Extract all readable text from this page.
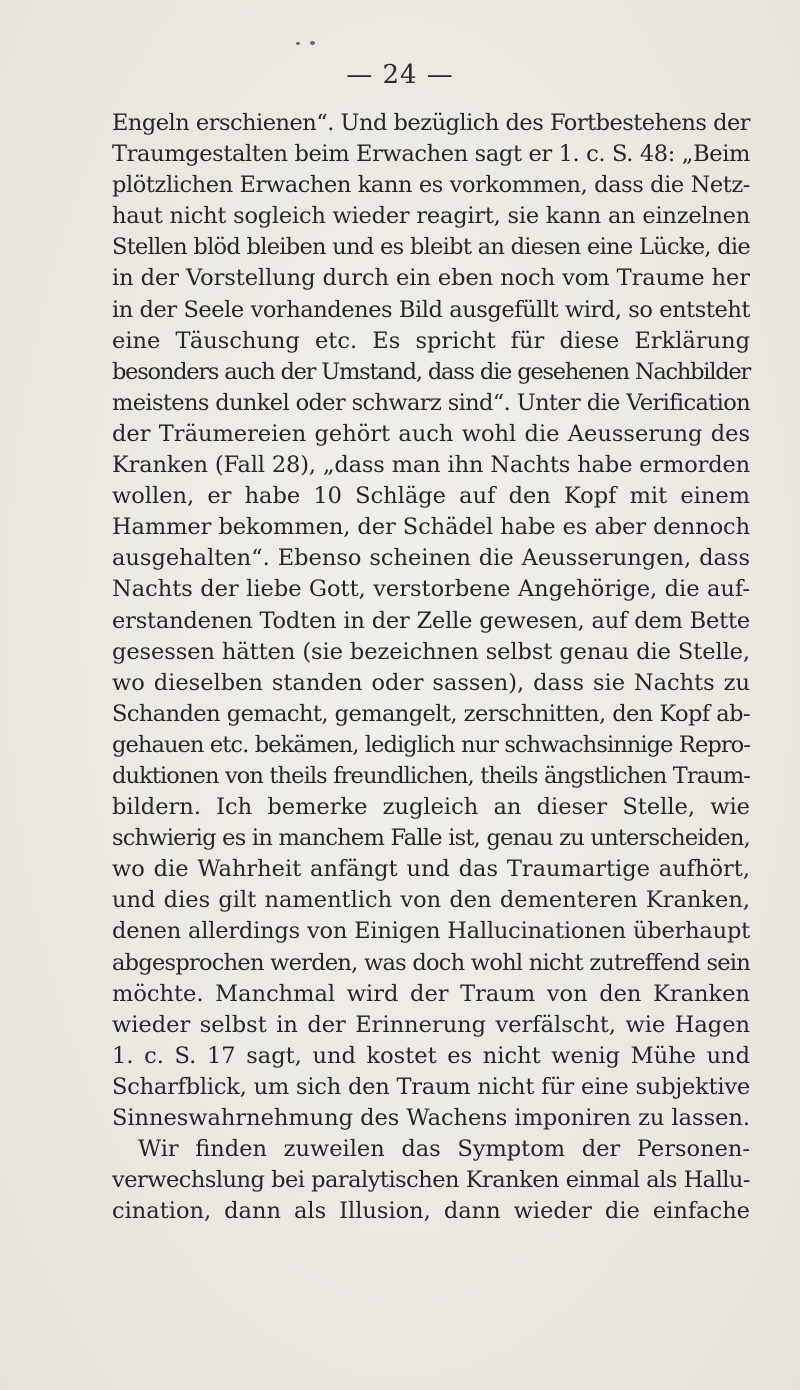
— 24 —
Engeln erschienen“. Und bezüglich des Fortbestehens der
Traumgestalten beim Erwachen sagt er 1. c. S. 48: „Beim
plötzlichen Erwachen kann es vorkommen, dass die Netz-
haut nicht sogleich wieder reagirt, sie kann an einzelnen
Stellen blöd bleiben und es bleibt an diesen eine Lücke, die
in der Vorstellung durch ein eben noch vom Traume her
in der Seele vorhandenes Bild ausgefüllt wird, so entsteht
eine Täuschung etc. Es spricht für diese Erklärung
besonders auch der Umstand, dass die gesehenen Nachbilder
meistens dunkel oder schwarz sind“. Unter die Verification
der Träumereien gehört auch wohl die Aeusserung des
Kranken (Fall 28), „dass man ihn Nachts habe ermorden
wollen, er habe 10 Schläge auf den Kopf mit einem
Hammer bekommen, der Schädel habe es aber dennoch
ausgehalten“. Ebenso scheinen die Aeusserungen, dass
Nachts der liebe Gott, verstorbene Angehörige, die auf-
erstandenen Todten in der Zelle gewesen, auf dem Bette
gesessen hätten (sie bezeichnen selbst genau die Stelle,
wo dieselben standen oder sassen), dass sie Nachts zu
Schanden gemacht, gemangelt, zerschnitten, den Kopf ab-
gehauen etc. bekämen, lediglich nur schwachsinnige Repro-
duktionen von theils freundlichen, theils ängstlichen Traum-
bildern. Ich bemerke zugleich an dieser Stelle, wie
schwierig es in manchem Falle ist, genau zu unterscheiden,
wo die Wahrheit anfängt und das Traumartige aufhört,
und dies gilt namentlich von den dementeren Kranken,
denen allerdings von Einigen Hallucinationen überhaupt
abgesprochen werden, was doch wohl nicht zutreffend sein
möchte. Manchmal wird der Traum von den Kranken
wieder selbst in der Erinnerung verfälscht, wie Hagen
1. c. S. 17 sagt, und kostet es nicht wenig Mühe und
Scharfblick, um sich den Traum nicht für eine subjektive
Sinneswahrnehmung des Wachens imponiren zu lassen.
Wir finden zuweilen das Symptom der Personen-
verwechslung bei paralytischen Kranken einmal als Hallu-
cination, dann als Illusion, dann wieder die einfache
